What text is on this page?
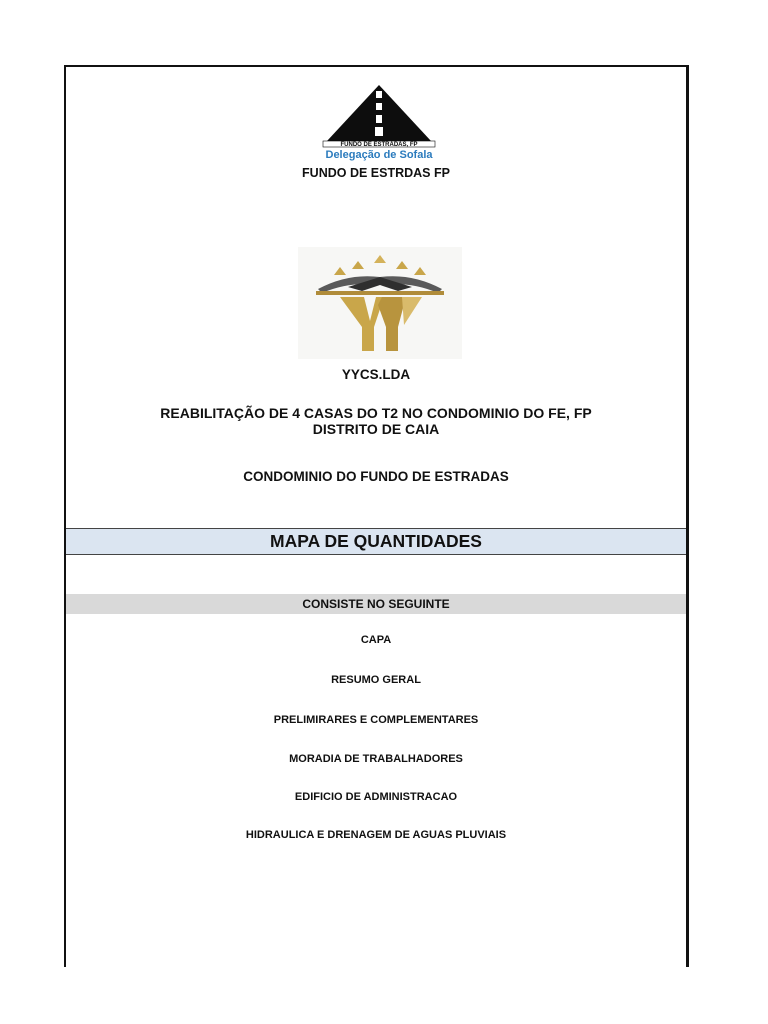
FUNDO DE ESTRADAS, FP
Delegação de Sofala
FUNDO DE ESTRDAS FP
YYCS.LDA
REABILITAÇÃO DE 4 CASAS DO T2 NO CONDOMINIO DO FE, FP
DISTRITO DE CAIA
CONDOMINIO DO FUNDO DE ESTRADAS
MAPA DE QUANTIDADES
CONSISTE NO SEGUINTE
CAPA
RESUMO GERAL
PRELIMIRARES E COMPLEMENTARES
MORADIA DE TRABALHADORES
EDIFICIO DE ADMINISTRACAO
HIDRAULICA E DRENAGEM DE AGUAS PLUVIAIS
